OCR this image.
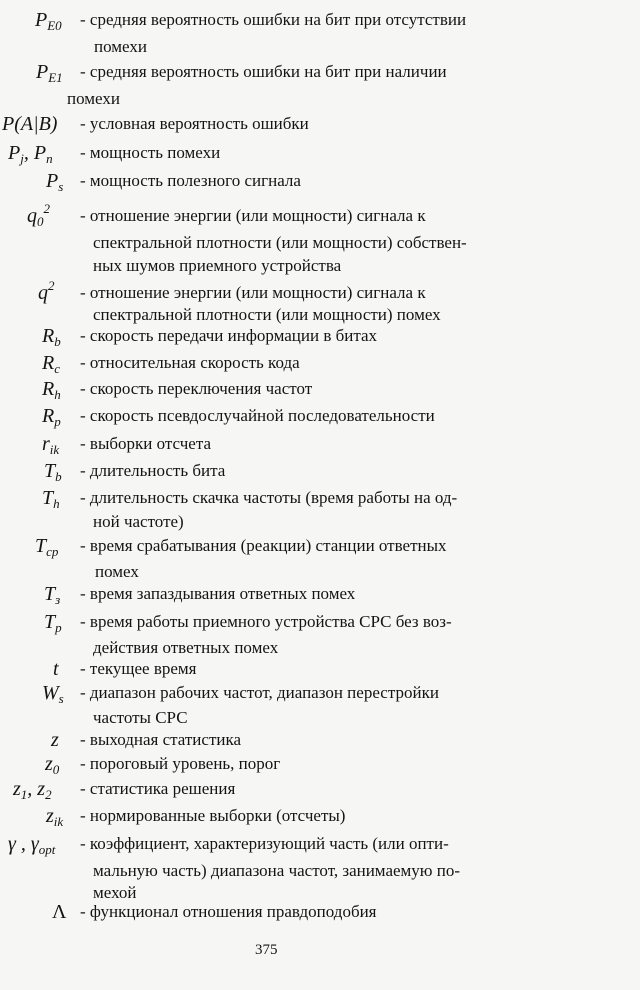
$P_{E0}$ - средняя вероятность ошибки на бит при отсутствии
помехи
$P_{E1}$ - средняя вероятность ошибки на бит при наличии
помехи
P(A|B) - условная вероятность ошибки
$P_j$, $P_n$ - мощность помехи
$P_s$ - мощность полезного сигнала
$q_0^2$ - отношение энергии (или мощности) сигнала к
спектральной плотности (или мощности) собствен-
ных шумов приемного устройства
$q^2$ - отношение энергии (или мощности) сигнала к
спектральной плотности (или мощности) помех
$R_b$ - скорость передачи информации в битах
$R_c$ - относительная скорость кода
$R_h$ - скорость переключения частот
$R_p$ - скорость псевдослучайной последовательности
$r_{ik}$ - выборки отсчета
$T_b$ - длительность бита
$T_h$ - длительность скачка частоты (время работы на од-
ной частоте)
$T_{ср}$ - время срабатывания (реакции) станции ответных
помех
$T_з$ - время запаздывания ответных помех
$T_р$ - время работы приемного устройства СРС без воз-
действия ответных помех
t - текущее время
$W_s$ - диапазон рабочих частот, диапазон перестройки
частоты СРС
z - выходная статистика
$z_0$ - пороговый уровень, порог
$z_1$, $z_2$ - статистика решения
$z_{ik}$ - нормированные выборки (отсчеты)
γ , $\gamma_{opt}$ - коэффициент, характеризующий часть (или опти-
мальную часть) диапазона частот, занимаемую по-
мехой
Λ - функционал отношения правдоподобия
375
